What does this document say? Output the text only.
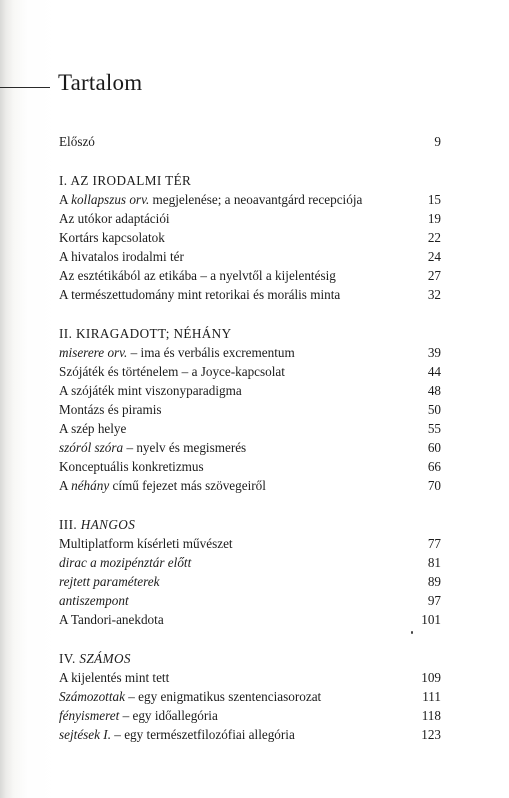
Tartalom
Előszó	9
I. AZ IRODALMI TÉR
A kollapszus orv. megjelenése; a neoavantgárd recepciója	15
Az utókor adaptációi	19
Kortárs kapcsolatok	22
A hivatalos irodalmi tér	24
Az esztétikából az etikába – a nyelvtől a kijelentésig	27
A természettudomány mint retorikai és morális minta	32
II. KIRAGADOTT; NÉHÁNY
miserere orv. – ima és verbális excrementum	39
Szójáték és történelem – a Joyce-kapcsolat	44
A szójáték mint viszonyparadigma	48
Montázs és piramis	50
A szép helye	55
szóról szóra – nyelv és megismerés	60
Konceptuális konkretizmus	66
A néhány című fejezet más szövegeiről	70
III. HANGOS
Multiplatform kísérleti művészet	77
dirac a mozipénztár előtt	81
rejtett paraméterek	89
antiszempont	97
A Tandori-anekdota	101
IV. SZÁMOS
A kijelentés mint tett	109
Számozottak – egy enigmatikus szentenciasorozat	111
fényismeret – egy időallegória	118
sejtések I. – egy természetfilozófiai allegória	123
